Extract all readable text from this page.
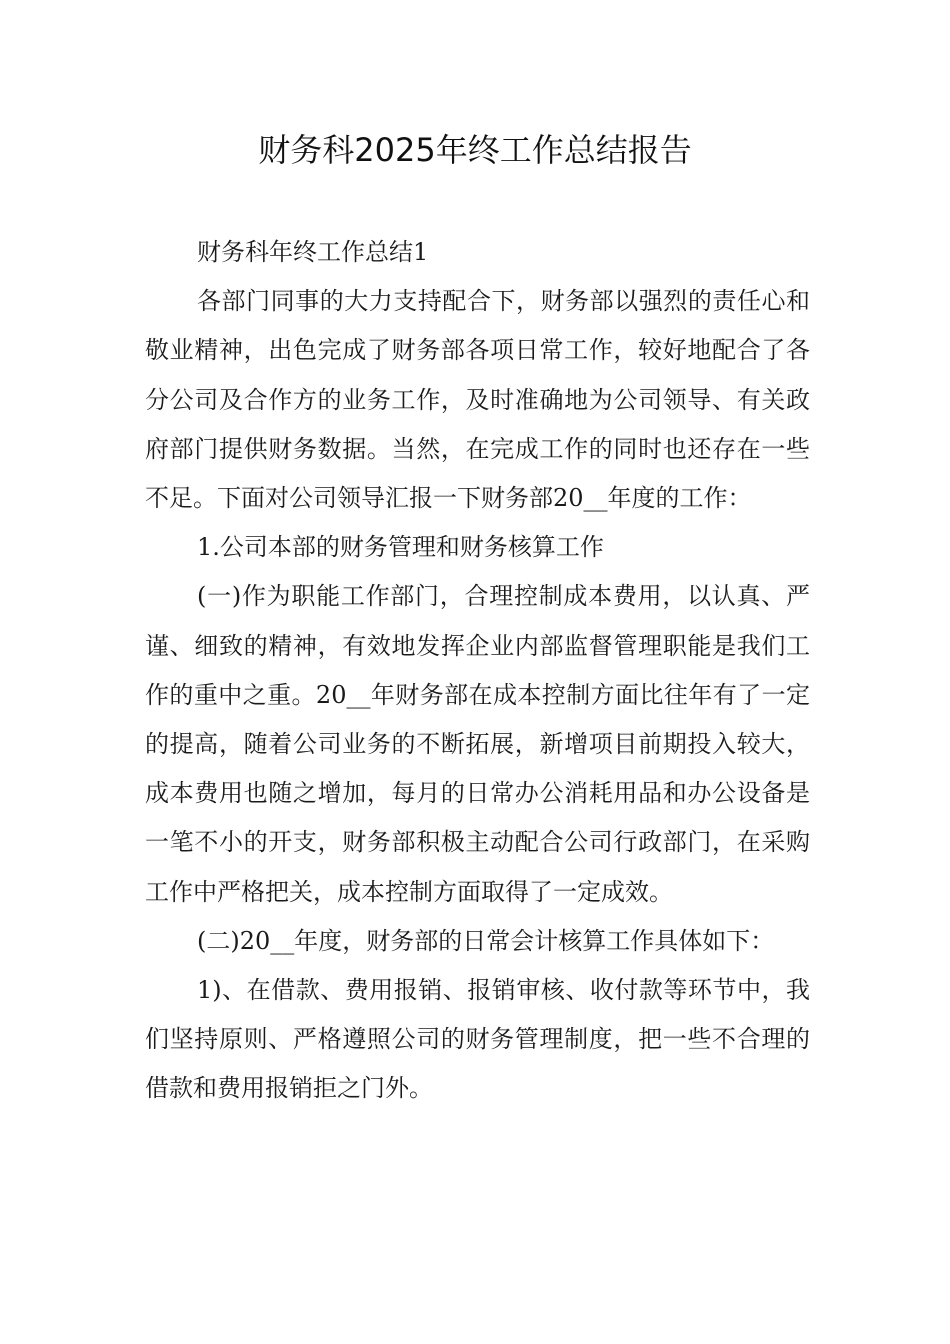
财务科2025年终工作总结报告

财务科年终工作总结1

各部门同事的大力支持配合下，财务部以强烈的责任心和敬业精神，出色完成了财务部各项日常工作，较好地配合了各分公司及合作方的业务工作，及时准确地为公司领导、有关政府部门提供财务数据。当然，在完成工作的同时也还存在一些不足。下面对公司领导汇报一下财务部20__年度的工作：

1.公司本部的财务管理和财务核算工作

(一)作为职能工作部门，合理控制成本费用，以认真、严谨、细致的精神，有效地发挥企业内部监督管理职能是我们工作的重中之重。20__年财务部在成本控制方面比往年有了一定的提高，随着公司业务的不断拓展，新增项目前期投入较大，成本费用也随之增加，每月的日常办公消耗用品和办公设备是一笔不小的开支，财务部积极主动配合公司行政部门，在采购工作中严格把关，成本控制方面取得了一定成效。

(二)20__年度，财务部的日常会计核算工作具体如下：

1)、在借款、费用报销、报销审核、收付款等环节中，我们坚持原则、严格遵照公司的财务管理制度，把一些不合理的借款和费用报销拒之门外。
